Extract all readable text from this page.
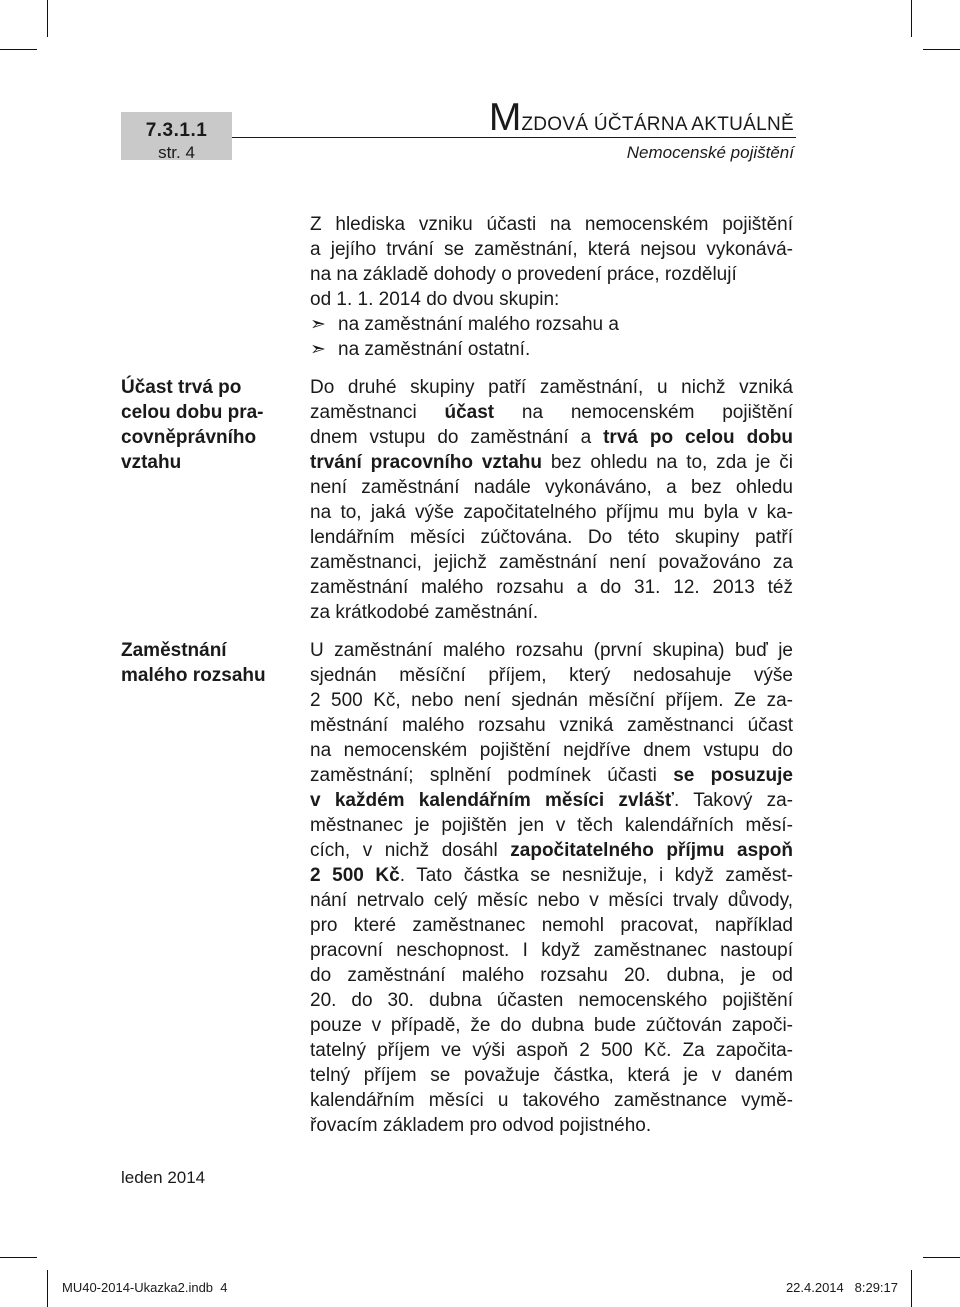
7.3.1.1
str. 4
MZDOVÁ ÚČTÁRNA AKTUÁLNĚ
Nemocenské pojištění
Z hlediska vzniku účasti na nemocenském pojištění
a jejího trvání se zaměstnání, která nejsou vykonává-
na na základě dohody o provedení práce, rozdělují
od 1. 1. 2014 do dvou skupin:
➣ na zaměstnání malého rozsahu a
➣ na zaměstnání ostatní.
Účast trvá po
celou dobu pra-
covněprávního
vztahu
Do druhé skupiny patří zaměstnání, u nichž vzniká
zaměstnanci účast na nemocenském pojištění
dnem vstupu do zaměstnání a trvá po celou dobu
trvání pracovního vztahu bez ohledu na to, zda je či
není zaměstnání nadále vykonáváno, a bez ohledu
na to, jaká výše započitatelného příjmu mu byla v ka-
lendářním měsíci zúčtována. Do této skupiny patří
zaměstnanci, jejichž zaměstnání není považováno za
zaměstnání malého rozsahu a do 31. 12. 2013 též
za krátkodobé zaměstnání.
Zaměstnání
malého rozsahu
U zaměstnání malého rozsahu (první skupina) buď je
sjednán měsíční příjem, který nedosahuje výše
2 500 Kč, nebo není sjednán měsíční příjem. Ze za-
městnání malého rozsahu vzniká zaměstnanci účast
na nemocenském pojištění nejdříve dnem vstupu do
zaměstnání; splnění podmínek účasti se posuzuje
v každém kalendářním měsíci zvlášť. Takový za-
městnanec je pojištěn jen v těch kalendářních měsí-
cích, v nichž dosáhl započitatelného příjmu aspoň
2 500 Kč. Tato částka se nesnižuje, i když zaměst-
nání netrvalo celý měsíc nebo v měsíci trvaly důvody,
pro které zaměstnanec nemohl pracovat, například
pracovní neschopnost. I když zaměstnanec nastoupí
do zaměstnání malého rozsahu 20. dubna, je od
20. do 30. dubna účasten nemocenského pojištění
pouze v případě, že do dubna bude zúčtován započi-
tatelný příjem ve výši aspoň 2 500 Kč. Za započita-
telný příjem se považuje částka, která je v daném
kalendářním měsíci u takového zaměstnance vymě-
řovacím základem pro odvod pojistného.
leden 2014
MU40-2014-Ukazka2.indb 4	22.4.2014 8:29:17
